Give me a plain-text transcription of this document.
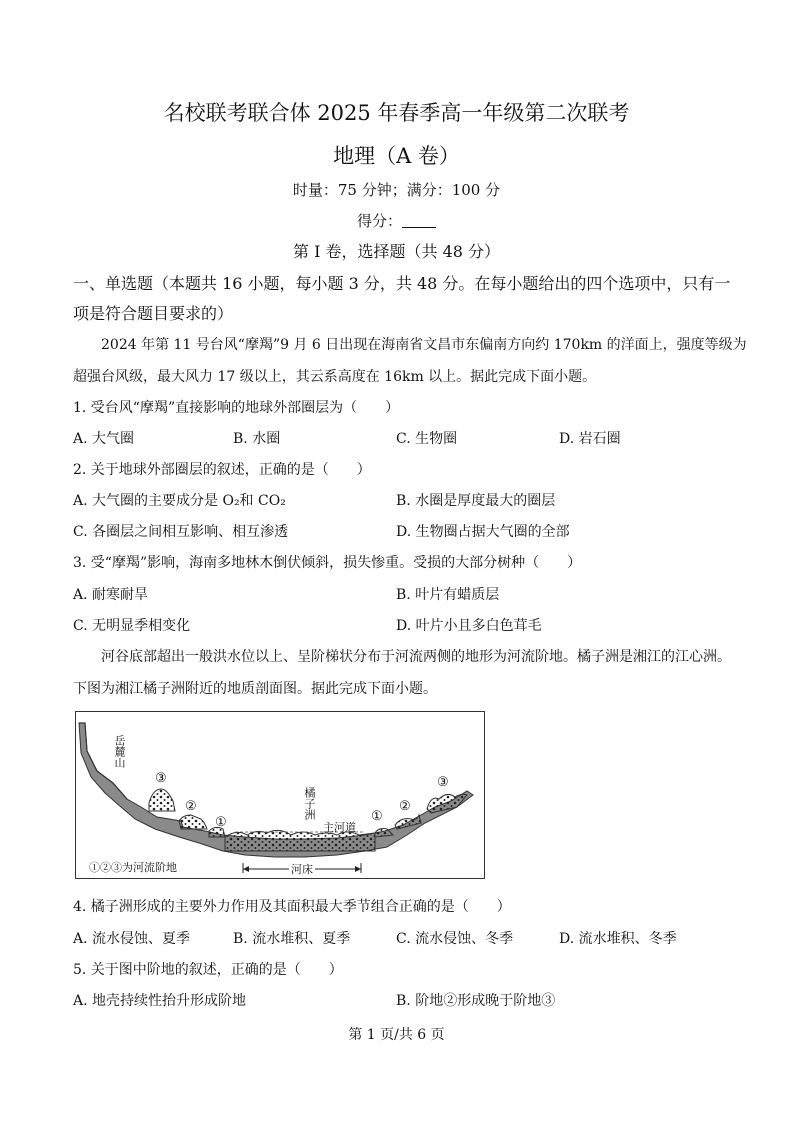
名校联考联合体 2025 年春季高一年级第二次联考
地理（A 卷）
时量：75 分钟；满分：100 分
得分：
第 I 卷，选择题（共 48 分）
一、单选题（本题共 16 小题，每小题 3 分，共 48 分。在每小题给出的四个选项中，只有一
项是符合题目要求的）
2024 年第 11 号台风“摩羯”9 月 6 日出现在海南省文昌市东偏南方向约 170km 的洋面上，强度等级为
超强台风级，最大风力 17 级以上，其云系高度在 16km 以上。据此完成下面小题。
1. 受台风“摩羯”直接影响的地球外部圈层为（　　）
A. 大气圈	B. 水圈	C. 生物圈	D. 岩石圈
2. 关于地球外部圈层的叙述，正确的是（　　）
A. 大气圈的主要成分是 O₂和 CO₂	B. 水圈是厚度最大的圈层
C. 各圈层之间相互影响、相互渗透	D. 生物圈占据大气圈的全部
3. 受“摩羯”影响，海南多地林木倒伏倾斜，损失惨重。受损的大部分树种（　　）
A. 耐寒耐旱	B. 叶片有蜡质层
C. 无明显季相变化	D. 叶片小且多白色茸毛
河谷底部超出一般洪水位以上、呈阶梯状分布于河流两侧的地形为河流阶地。橘子洲是湘江的江心洲。
下图为湘江橘子洲附近的地质剖面图。据此完成下面小题。
岳麓山
橘子洲
主河道
河床
①②③为河流阶地
③
②
①	①
②
③
4. 橘子洲形成的主要外力作用及其面积最大季节组合正确的是（　　）
A. 流水侵蚀、夏季	B. 流水堆积、夏季	C. 流水侵蚀、冬季	D. 流水堆积、冬季
5. 关于图中阶地的叙述，正确的是（　　）
A. 地壳持续性抬升形成阶地	B. 阶地②形成晚于阶地③
第 1 页/共 6 页
